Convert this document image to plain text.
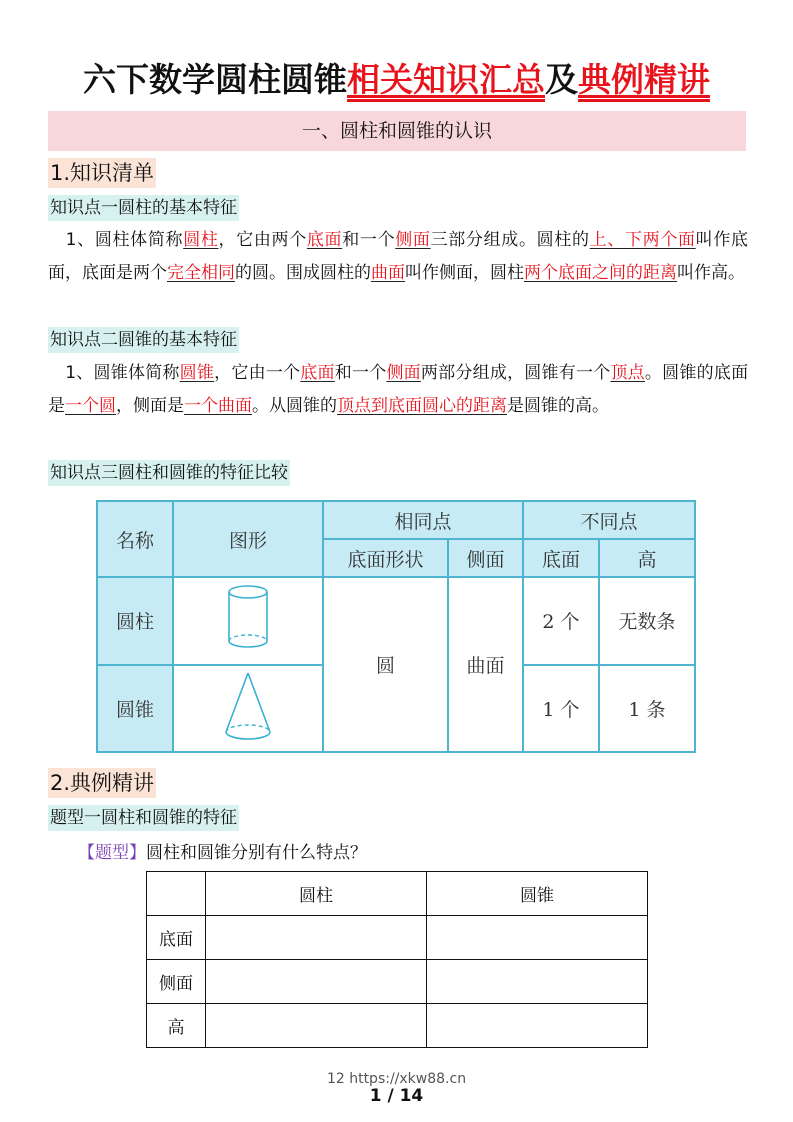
六下数学圆柱圆锥相关知识汇总及典例精讲
一、圆柱和圆锥的认识
1.知识清单
知识点一圆柱的基本特征
　1、圆柱体简称圆柱，它由两个底面和一个侧面三部分组成。圆柱的上、下两个面叫作底面，底面是两个完全相同的圆。围成圆柱的曲面叫作侧面，圆柱两个底面之间的距离叫作高。
知识点二圆锥的基本特征
　1、圆锥体简称圆锥，它由一个底面和一个侧面两部分组成，圆锥有一个顶点。圆锥的底面是一个圆，侧面是一个曲面。从圆锥的顶点到底面圆心的距离是圆锥的高。
知识点三圆柱和圆锥的特征比较
名称	图形	相同点		不同点	
		底面形状	侧面	底面	高
圆柱		圆	曲面	2 个	无数条
圆锥				1 个	1 条
2.典例精讲
题型一圆柱和圆锥的特征
【题型】圆柱和圆锥分别有什么特点？
	圆柱	圆锥
底面		
侧面		
高		
12 https://xkw88.cn
1 / 14
